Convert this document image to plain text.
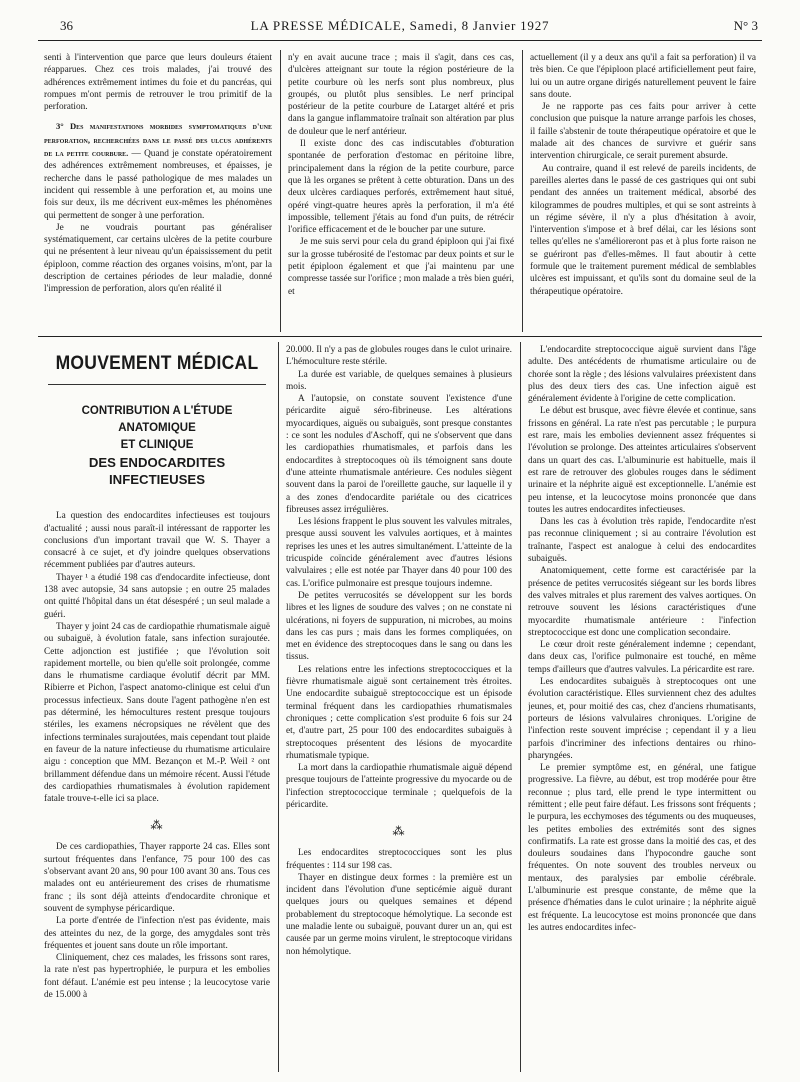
36	LA PRESSE MÉDICALE, Samedi, 8 Janvier 1927	N° 3

senti à l'intervention que parce que leurs douleurs étaient réapparues. Chez ces trois malades, j'ai trouvé des adhérences extrêmement intimes du foie et du pancréas, qui rompues m'ont permis de retrouver le trou primitif de la perforation.

3° Des manifestations morbides symptomatiques d'une perforation, recherchées dans le passé des ulcus adhérents de la petite courbure. — Quand je constate opératoirement des adhérences extrêmement nombreuses, et épaisses, je recherche dans le passé pathologique de mes malades un incident qui ressemble à une perforation et, au moins une fois sur deux, ils me décrivent eux-mêmes les phénomènes qui permettent de songer à une perforation.

Je ne voudrais pourtant pas généraliser systématiquement, car certains ulcères de la petite courbure qui ne présentent à leur niveau qu'un épaississement du petit épiploon, comme réaction des organes voisins, m'ont, par la description de certaines périodes de leur maladie, donné l'impression de perforation, alors qu'en réalité il

n'y en avait aucune trace ; mais il s'agit, dans ces cas, d'ulcères atteignant sur toute la région postérieure de la petite courbure où les nerfs sont plus nombreux, plus groupés, ou plutôt plus sensibles. Le nerf principal postérieur de la petite courbure de Latarget altéré et pris dans la gangue inflammatoire traînait son altération par plus de douleur que le nerf antérieur.

Il existe donc des cas indiscutables d'obturation spontanée de perforation d'estomac en péritoine libre, principalement dans la région de la petite courbure, parce que là les organes se prêtent à cette obturation. Dans un des deux ulcères cardiaques perforés, extrêmement haut situé, opéré vingt-quatre heures après la perforation, il m'a été impossible, tellement j'étais au fond d'un puits, de rétrécir l'orifice efficacement et de le boucher par une suture.

Je me suis servi pour cela du grand épiploon qui j'ai fixé sur la grosse tubérosité de l'estomac par deux points et sur le petit épiploon également et que j'ai maintenu par une compresse tassée sur l'orifice ; mon malade a très bien guéri, et

actuellement (il y a deux ans qu'il a fait sa perforation) il va très bien. Ce que l'épiploon placé artificiellement peut faire, lui ou un autre organe dirigés naturellement peuvent le faire sans doute.

Je ne rapporte pas ces faits pour arriver à cette conclusion que puisque la nature arrange parfois les choses, il faille s'abstenir de toute thérapeutique opératoire et que le malade ait des chances de survivre et guérir sans intervention chirurgicale, ce serait purement absurde.

Au contraire, quand il est relevé de pareils incidents, de pareilles alertes dans le passé de ces gastriques qui ont subi pendant des années un traitement médical, absorbé des kilogrammes de poudres multiples, et qui se sont astreints à un régime sévère, il n'y a plus d'hésitation à avoir, l'intervention s'impose et à bref délai, car les lésions sont telles qu'elles ne s'amélioreront pas et à plus forte raison ne se guériront pas d'elles-mêmes. Il faut aboutir à cette formule que le traitement purement médical de semblables ulcères est impuissant, et qu'ils sont du domaine seul de la thérapeutique opératoire.

MOUVEMENT MÉDICAL
CONTRIBUTION A L'ÉTUDE ANATOMIQUE
ET CLINIQUE
DES ENDOCARDITES INFECTIEUSES

La question des endocardites infectieuses est toujours d'actualité ; aussi nous paraît-il intéressant de rapporter les conclusions d'un important travail que W. S. Thayer a consacré à ce sujet, et d'y joindre quelques observations récemment publiées par d'autres auteurs.

Thayer ¹ a étudié 198 cas d'endocardite infectieuse, dont 138 avec autopsie, 34 sans autopsie ; en outre 25 malades ont quitté l'hôpital dans un état désespéré ; un seul malade a guéri.

Thayer y joint 24 cas de cardiopathie rhumatismale aiguë ou subaiguë, à évolution fatale, sans infection surajoutée. Cette adjonction est justifiée ; que l'évolution soit rapidement mortelle, ou bien qu'elle soit prolongée, comme dans le rhumatisme cardiaque évolutif décrit par MM. Ribierre et Pichon, l'aspect anatomo-clinique est celui d'un processus infectieux. Sans doute l'agent pathogène n'en est pas déterminé, les hémocultures restent presque toujours stériles, les examens nécropsiques ne révèlent que des infections terminales surajoutées, mais cependant tout plaide en faveur de la nature infectieuse du rhumatisme articulaire aigu : conception que MM. Bezançon et M.-P. Weil ² ont brillamment défendue dans un mémoire récent. Aussi l'étude des cardiopathies rhumatismales à évolution rapidement fatale trouve-t-elle ici sa place.

⁂

De ces cardiopathies, Thayer rapporte 24 cas. Elles sont surtout fréquentes dans l'enfance, 75 pour 100 des cas s'observant avant 20 ans, 90 pour 100 avant 30 ans. Tous ces malades ont eu antérieurement des crises de rhumatisme franc ; ils sont déjà atteints d'endocardite chronique et souvent de symphyse péricardique.

La porte d'entrée de l'infection n'est pas évidente, mais des atteintes du nez, de la gorge, des amygdales sont très fréquentes et jouent sans doute un rôle important.

Cliniquement, chez ces malades, les frissons sont rares, la rate n'est pas hypertrophiée, le purpura et les embolies font défaut. L'anémie est peu intense ; la leucocytose varie de 15.000 à

20.000. Il n'y a pas de globules rouges dans le culot urinaire. L'hémoculture reste stérile.

La durée est variable, de quelques semaines à plusieurs mois.

A l'autopsie, on constate souvent l'existence d'une péricardite aiguë séro-fibrineuse. Les altérations myocardiques, aiguës ou subaiguës, sont presque constantes : ce sont les nodules d'Aschoff, qui ne s'observent que dans les cardiopathies rhumatismales, et parfois dans les endocardites à streptocoques où ils témoignent sans doute d'une atteinte rhumatismale antérieure. Ces nodules siègent souvent dans la paroi de l'oreillette gauche, sur laquelle il y a des zones d'endocardite pariétale ou des cicatrices fibreuses assez irrégulières.

Les lésions frappent le plus souvent les valvules mitrales, presque aussi souvent les valvules aortiques, et à maintes reprises les unes et les autres simultanément. L'atteinte de la tricuspide coïncide généralement avec d'autres lésions valvulaires ; elle est notée par Thayer dans 40 pour 100 des cas. L'orifice pulmonaire est presque toujours indemne.

De petites verrucosités se développent sur les bords libres et les lignes de soudure des valves ; on ne constate ni ulcérations, ni foyers de suppuration, ni microbes, au moins dans les cas purs ; mais dans les formes compliquées, on met en évidence des streptocoques dans le sang ou dans les tissus.

Les relations entre les infections streptococciques et la fièvre rhumatismale aiguë sont certainement très étroites. Une endocardite subaiguë streptococcique est un épisode terminal fréquent dans les cardiopathies rhumatismales chroniques ; cette complication s'est produite 6 fois sur 24 et, d'autre part, 25 pour 100 des endocardites subaiguës à streptocoques présentent des lésions de myocardite rhumatismale typique.

La mort dans la cardiopathie rhumatismale aiguë dépend presque toujours de l'atteinte progressive du myocarde ou de l'infection streptococcique terminale ; quelquefois de la péricardite.

⁂

Les endocardites streptococciques sont les plus fréquentes : 114 sur 198 cas.

Thayer en distingue deux formes : la première est un incident dans l'évolution d'une septicémie aiguë durant quelques jours ou quelques semaines et dépend probablement du streptocoque hémolytique. La seconde est une maladie lente ou subaiguë, pouvant durer un an, qui est causée par un germe moins virulent, le streptocoque viridans non hémolytique.

L'endocardite streptococcique aiguë survient dans l'âge adulte. Des antécédents de rhumatisme articulaire ou de chorée sont la règle ; des lésions valvulaires préexistent dans plus des deux tiers des cas. Une infection aiguë est généralement évidente à l'origine de cette complication.

Le début est brusque, avec fièvre élevée et continue, sans frissons en général. La rate n'est pas percutable ; le purpura est rare, mais les embolies deviennent assez fréquentes si l'évolution se prolonge. Des atteintes articulaires s'observent dans un quart des cas. L'albuminurie est habituelle, mais il est rare de retrouver des globules rouges dans le sédiment urinaire et la néphrite aiguë est exceptionnelle. L'anémie est peu intense, et la leucocytose moins prononcée que dans toutes les autres endocardites infectieuses.

Dans les cas à évolution très rapide, l'endocardite n'est pas reconnue cliniquement ; si au contraire l'évolution est traînante, l'aspect est analogue à celui des endocardites subaiguës.

Anatomiquement, cette forme est caractérisée par la présence de petites verrucosités siégeant sur les bords libres des valves mitrales et plus rarement des valves aortiques. On retrouve souvent les lésions caractéristiques d'une myocardite rhumatismale antérieure : l'infection streptococcique est donc une complication secondaire.

Le cœur droit reste généralement indemne ; cependant, dans deux cas, l'orifice pulmonaire est touché, en même temps d'ailleurs que d'autres valvules. La péricardite est rare.

Les endocardites subaiguës à streptocoques ont une évolution caractéristique. Elles surviennent chez des adultes jeunes, et, pour moitié des cas, chez d'anciens rhumatisants, porteurs de lésions valvulaires chroniques. L'origine de l'infection reste souvent imprécise ; cependant il y a lieu parfois d'incriminer des infections dentaires ou rhino-pharyngées.

Le premier symptôme est, en général, une fatigue progressive. La fièvre, au début, est trop modérée pour être reconnue ; plus tard, elle prend le type intermittent ou rémittent ; elle peut faire défaut. Les frissons sont fréquents ; le purpura, les ecchymoses des téguments ou des muqueuses, les petites embolies des extrémités sont des signes confirmatifs. La rate est grosse dans la moitié des cas, et des douleurs soudaines dans l'hypocondre gauche sont fréquentes. On note souvent des troubles nerveux ou mentaux, des paralysies par embolie cérébrale. L'albuminurie est presque constante, de même que la présence d'hématies dans le culot urinaire ; la néphrite aiguë est fréquente. La leucocytose est moins prononcée que dans les autres endocardites infec-
